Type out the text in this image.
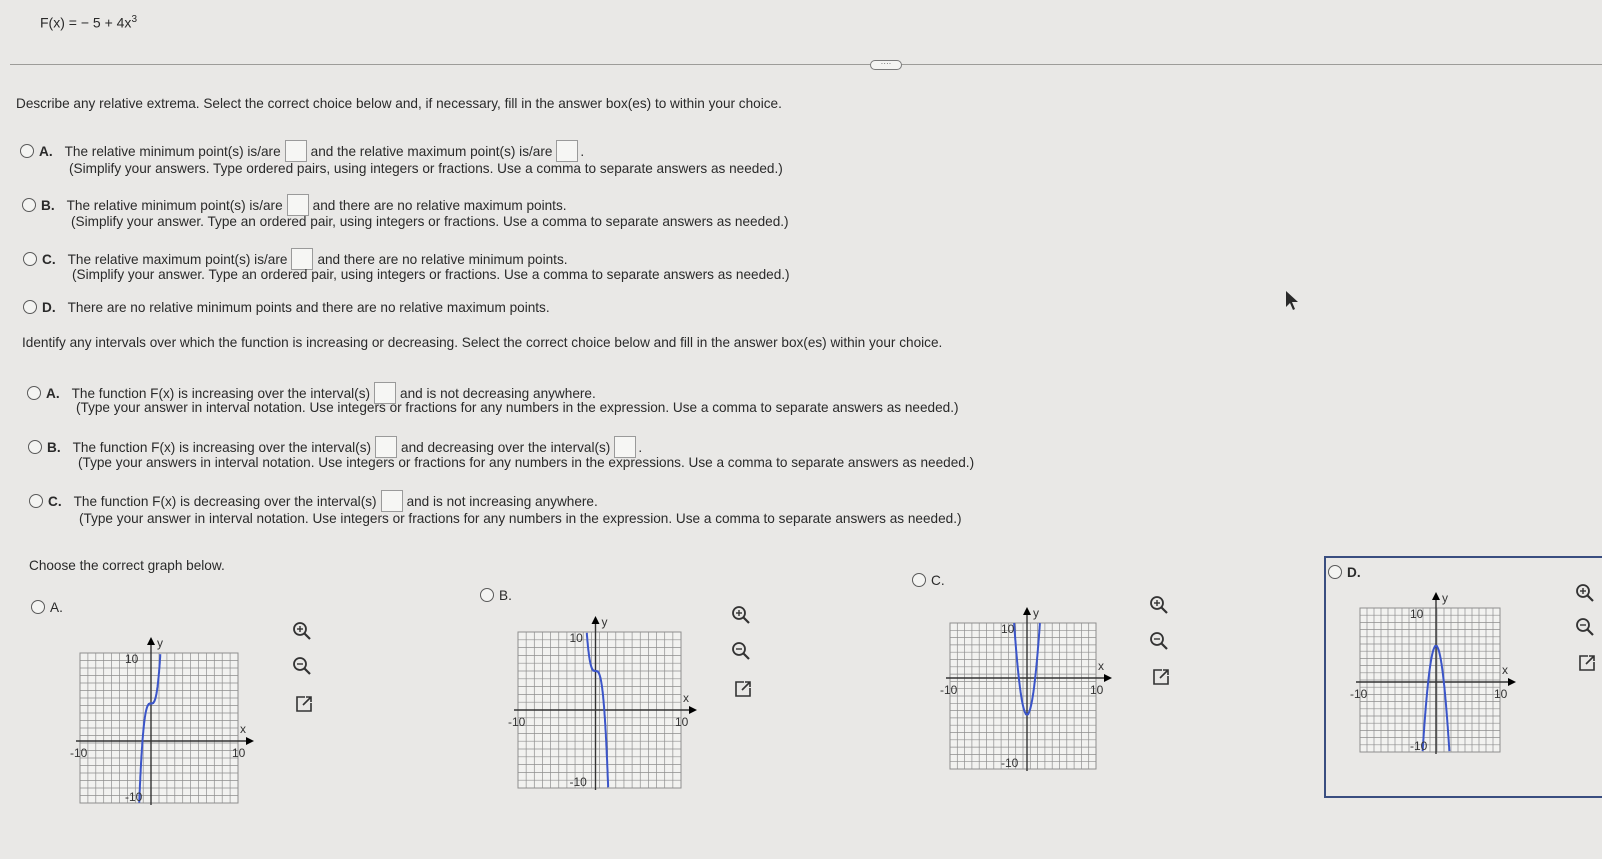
F(x) = − $5 + 4x^3$
····
Describe any relative extrema. Select the correct choice below and, if necessary, fill in the answer box(es) to within your choice.
A. The relative minimum point(s) is/are and the relative maximum point(s) is/are .
(Simplify your answers. Type ordered pairs, using integers or fractions. Use a comma to separate answers as needed.)
B. The relative minimum point(s) is/are and there are no relative maximum points.
(Simplify your answer. Type an ordered pair, using integers or fractions. Use a comma to separate answers as needed.)
C. The relative maximum point(s) is/are and there are no relative minimum points.
(Simplify your answer. Type an ordered pair, using integers or fractions. Use a comma to separate answers as needed.)
D. There are no relative minimum points and there are no relative maximum points.
Identify any intervals over which the function is increasing or decreasing. Select the correct choice below and fill in the answer box(es) within your choice.
A. The function F(x) is increasing over the interval(s) and is not decreasing anywhere.
(Type your answer in interval notation. Use integers or fractions for any numbers in the expression. Use a comma to separate answers as needed.)
B. The function F(x) is increasing over the interval(s) and decreasing over the interval(s) .
(Type your answers in interval notation. Use integers or fractions for any numbers in the expressions. Use a comma to separate answers as needed.)
C. The function F(x) is decreasing over the interval(s) and is not increasing anywhere.
(Type your answer in interval notation. Use integers or fractions for any numbers in the expression. Use a comma to separate answers as needed.)
Choose the correct graph below.
A.
B.
C.
D.
y
x
10
-10
-10	10
y
x
10
-10
-10	10
y
x
10
-10
-10	10
y
x
10
-10
-10	10
